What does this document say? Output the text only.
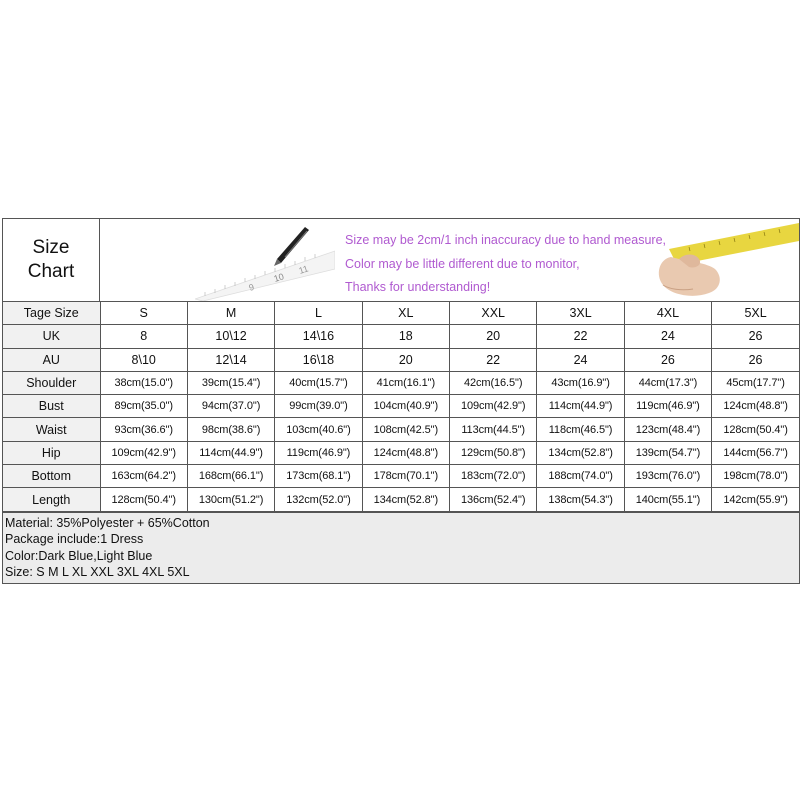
Size
Chart
9
10
11
Size may be 2cm/1 inch inaccuracy due to hand measure,
Color may be little different due to monitor,
Thanks for understanding!
Tage Size	S	M	L	XL	XXL	3XL	4XL	5XL
UK	8	10\12	14\16	18	20	22	24	26
AU	8\10	12\14	16\18	20	22	24	26	26
Shoulder	38cm(15.0")	39cm(15.4")	40cm(15.7")	41cm(16.1")	42cm(16.5")	43cm(16.9")	44cm(17.3")	45cm(17.7")
Bust	89cm(35.0")	94cm(37.0")	99cm(39.0")	104cm(40.9")	109cm(42.9")	114cm(44.9")	119cm(46.9")	124cm(48.8")
Waist	93cm(36.6")	98cm(38.6")	103cm(40.6")	108cm(42.5")	113cm(44.5")	118cm(46.5")	123cm(48.4")	128cm(50.4")
Hip	109cm(42.9")	114cm(44.9")	119cm(46.9")	124cm(48.8")	129cm(50.8")	134cm(52.8")	139cm(54.7")	144cm(56.7")
Bottom	163cm(64.2")	168cm(66.1")	173cm(68.1")	178cm(70.1")	183cm(72.0")	188cm(74.0")	193cm(76.0")	198cm(78.0")
Length	128cm(50.4")	130cm(51.2")	132cm(52.0")	134cm(52.8")	136cm(52.4")	138cm(54.3")	140cm(55.1")	142cm(55.9")
Material: 35%Polyester + 65%Cotton
Package include:1 Dress
Color:Dark Blue,Light Blue
Size: S M L XL XXL 3XL 4XL 5XL
